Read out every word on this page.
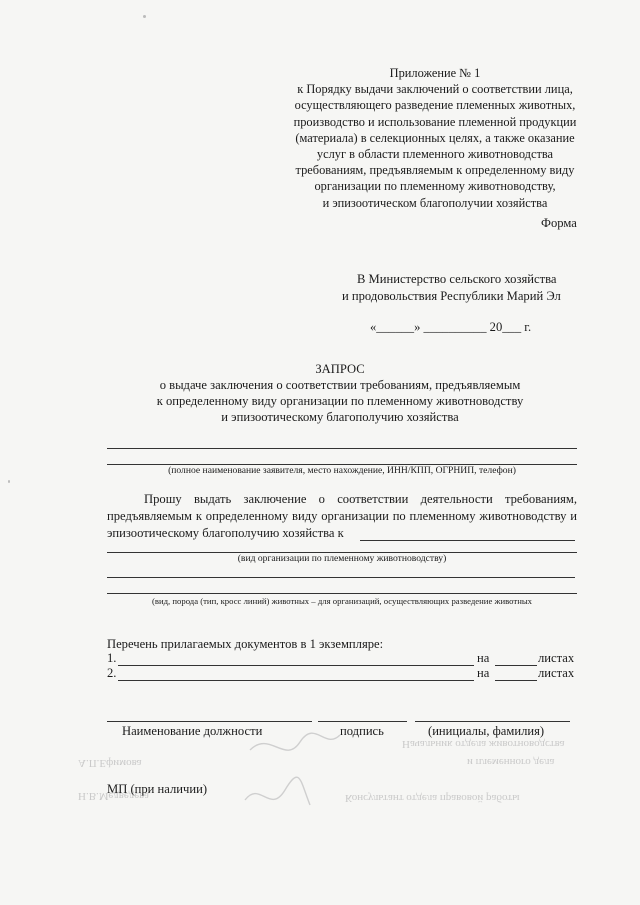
Начальник отдела животноводства
и племенного дела
А.П.Ефимова
Консультант отдела правовой работы
Н.В.Медведева
Приложение № 1
к Порядку выдачи заключений о соответствии лица,
осуществляющего разведение племенных животных,
производство и использование племенной продукции
(материала) в селекционных целях, а также оказание
услуг в области племенного животноводства
требованиям, предъявляемым к определенному виду
организации по племенному животноводству,
и эпизоотическом благополучии хозяйства
Форма
В Министерство сельского хозяйства
и продовольствия Республики Марий Эл
«______» __________ 20___ г.
ЗАПРОС
о выдаче заключения о соответствии требованиям, предъявляемым
к определенному виду организации по племенному животноводству
и эпизоотическому благополучию хозяйства
(полное наименование заявителя, место нахождение, ИНН/КПП, ОГРНИП, телефон)
Прошу выдать заключение о соответствии деятельности требованиям, предъявляемым к определенному виду организации по племенному животноводству и эпизоотическому благополучию хозяйства к
(вид организации по племенному животноводству)
(вид, порода (тип, кросс линий) животных – для организаций, осуществляющих разведение животных
Перечень прилагаемых документов в 1 экземпляре:
1.	на	листах
2.	на	листах
Наименование должности	подпись	(инициалы, фамилия)
МП (при наличии)
